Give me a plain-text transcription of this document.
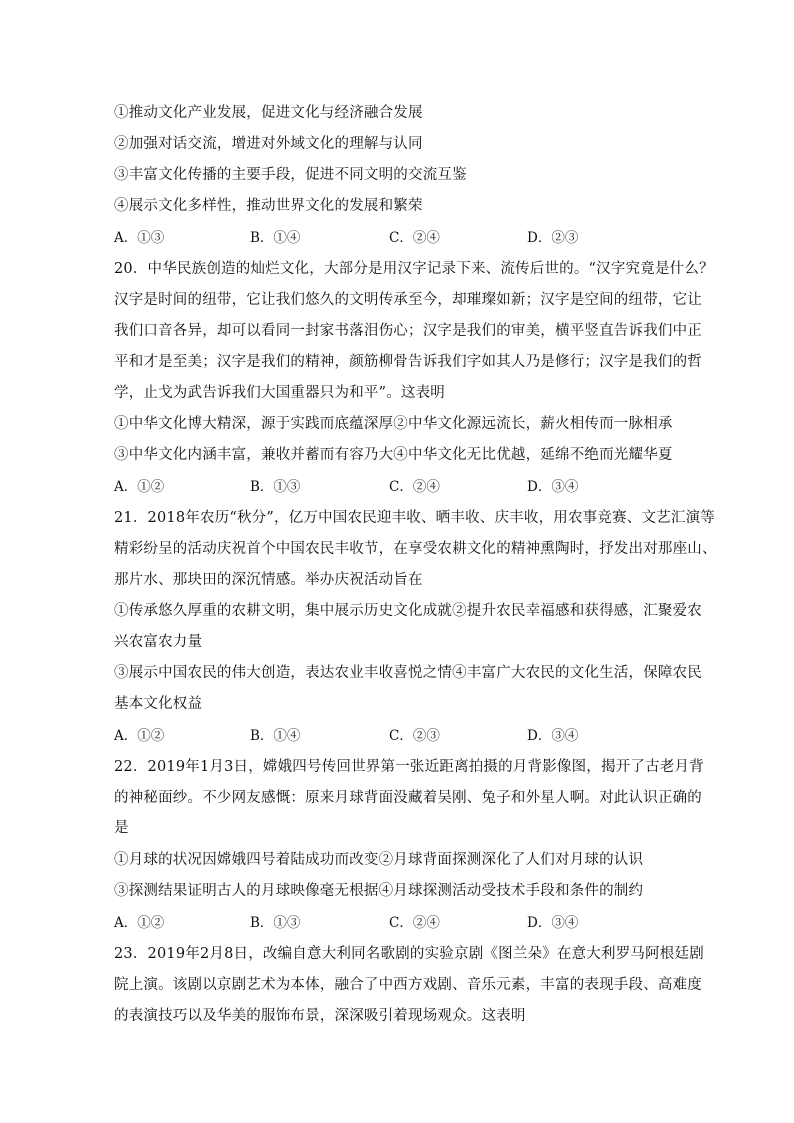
①推动文化产业发展，促进文化与经济融合发展
②加强对话交流，增进对外域文化的理解与认同
③丰富文化传播的主要手段，促进不同文明的交流互鉴
④展示文化多样性，推动世界文化的发展和繁荣
A．①③	B．①④	C．②④	D．②③
20．中华民族创造的灿烂文化，大部分是用汉字记录下来、流传后世的。“汉字究竟是什么？
汉字是时间的纽带，它让我们悠久的文明传承至今，却璀璨如新；汉字是空间的纽带，它让
我们口音各异，却可以看同一封家书落泪伤心；汉字是我们的审美，横平竖直告诉我们中正
平和才是至美；汉字是我们的精神，颜筋柳骨告诉我们字如其人乃是修行；汉字是我们的哲
学，止戈为武告诉我们大国重器只为和平”。这表明
①中华文化博大精深，源于实践而底蕴深厚②中华文化源远流长，薪火相传而一脉相承
③中华文化内涵丰富，兼收并蓄而有容乃大④中华文化无比优越，延绵不绝而光耀华夏
A．①②	B．①③	C．②④	D．③④
21．2018年农历“秋分”，亿万中国农民迎丰收、晒丰收、庆丰收，用农事竞赛、文艺汇演等
精彩纷呈的活动庆祝首个中国农民丰收节，在享受农耕文化的精神熏陶时，抒发出对那座山、
那片水、那块田的深沉情感。举办庆祝活动旨在
①传承悠久厚重的农耕文明，集中展示历史文化成就②提升农民幸福感和获得感，汇聚爱农
兴农富农力量
③展示中国农民的伟大创造，表达农业丰收喜悦之情④丰富广大农民的文化生活，保障农民
基本文化权益
A．①②	B．①④	C．②③	D．③④
22．2019年1月3日，嫦娥四号传回世界第一张近距离拍摄的月背影像图，揭开了古老月背
的神秘面纱。不少网友感慨：原来月球背面没藏着吴刚、兔子和外星人啊。对此认识正确的
是
①月球的状况因嫦娥四号着陆成功而改变②月球背面探测深化了人们对月球的认识
③探测结果证明古人的月球映像毫无根据④月球探测活动受技术手段和条件的制约
A．①②	B．①③	C．②④	D．③④
23．2019年2月8日，改编自意大利同名歌剧的实验京剧《图兰朵》在意大利罗马阿根廷剧
院上演。该剧以京剧艺术为本体，融合了中西方戏剧、音乐元素，丰富的表现手段、高难度
的表演技巧以及华美的服饰布景，深深吸引着现场观众。这表明
